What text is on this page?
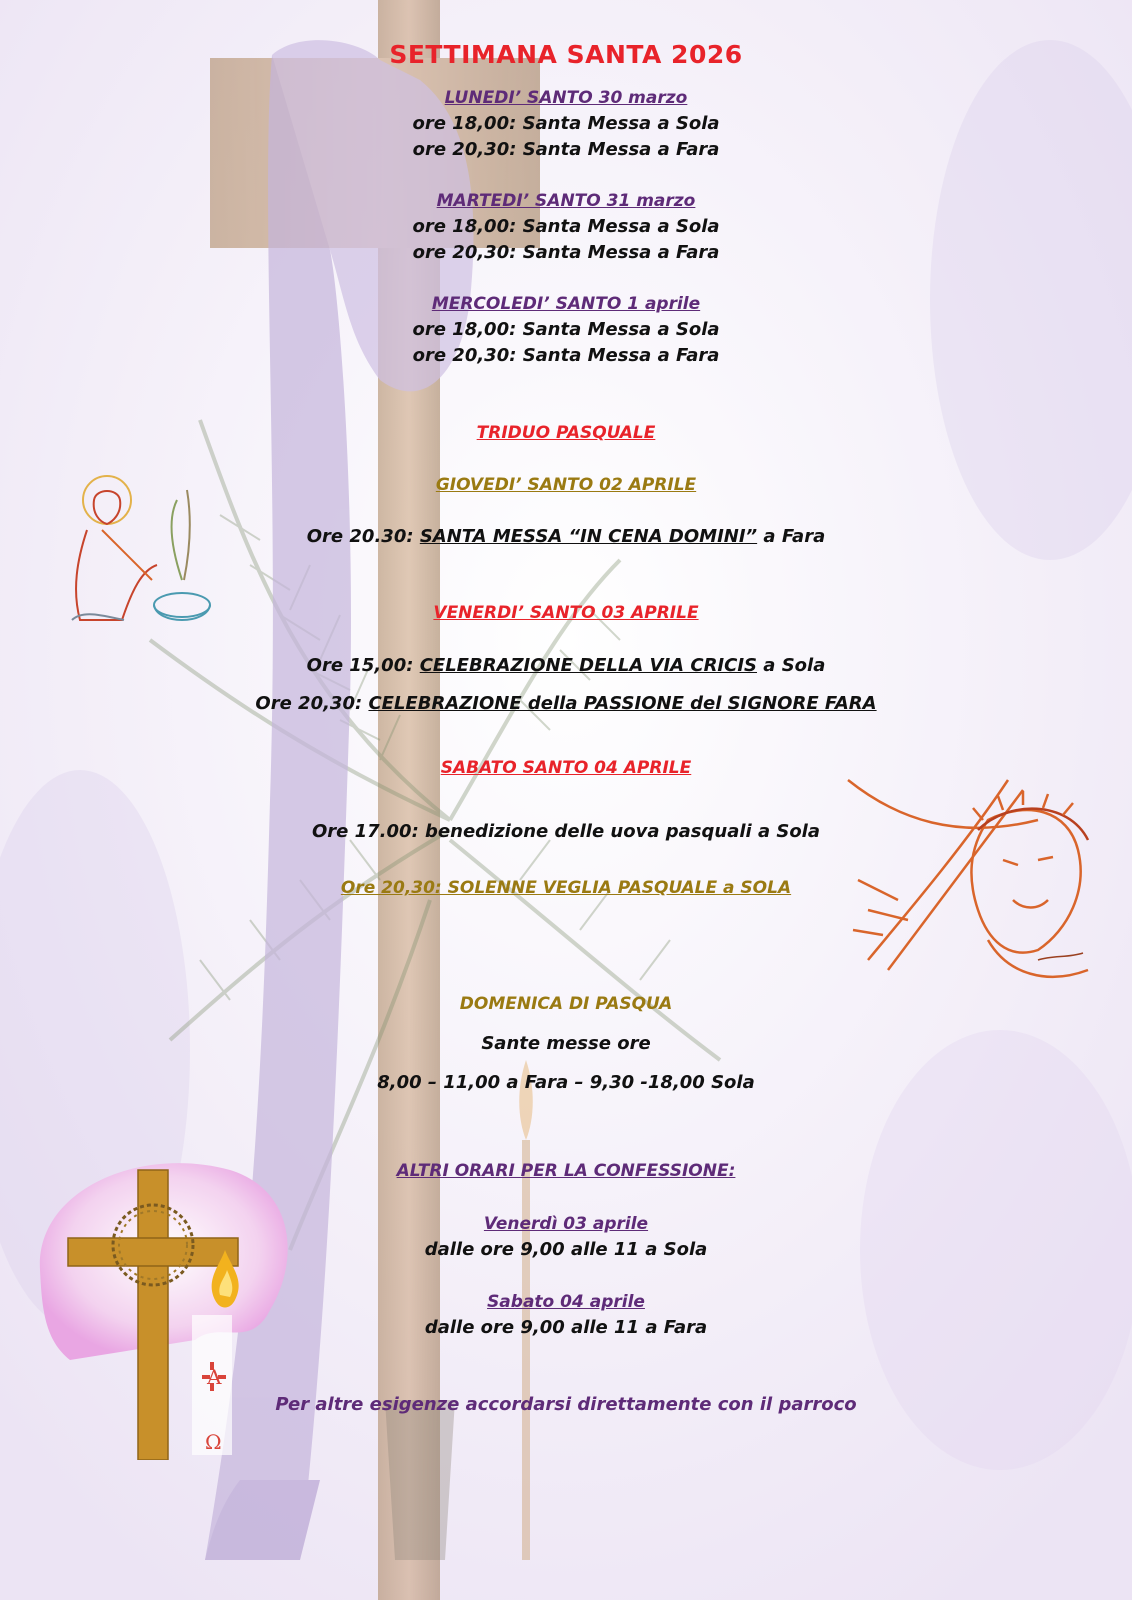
A
Ω
SETTIMANA SANTA 2026
LUNEDI’ SANTO 30 marzo
ore 18,00: Santa Messa a Sola
ore 20,30: Santa Messa a Fara
MARTEDI’ SANTO 31 marzo
ore 18,00: Santa Messa a Sola
ore 20,30: Santa Messa a Fara
MERCOLEDI’ SANTO 1 aprile
ore 18,00: Santa Messa a Sola
ore 20,30: Santa Messa a Fara
TRIDUO PASQUALE
GIOVEDI’ SANTO 02 APRILE
Ore 20.30: SANTA MESSA “IN CENA DOMINI” a Fara
VENERDI’ SANTO 03 APRILE
Ore 15,00: CELEBRAZIONE DELLA VIA CRICIS a Sola
Ore 20,30: CELEBRAZIONE della PASSIONE del SIGNORE FARA
SABATO SANTO 04 APRILE
Ore 17.00: benedizione delle uova pasquali a Sola
Ore 20,30: SOLENNE VEGLIA PASQUALE a SOLA
DOMENICA DI PASQUA
Sante messe ore
8,00 – 11,00 a Fara – 9,30 -18,00 Sola
ALTRI ORARI PER LA CONFESSIONE:
Venerdì 03 aprile
dalle ore 9,00 alle 11 a Sola
Sabato 04 aprile
dalle ore 9,00 alle 11 a Fara
Per altre esigenze accordarsi direttamente con il parroco
